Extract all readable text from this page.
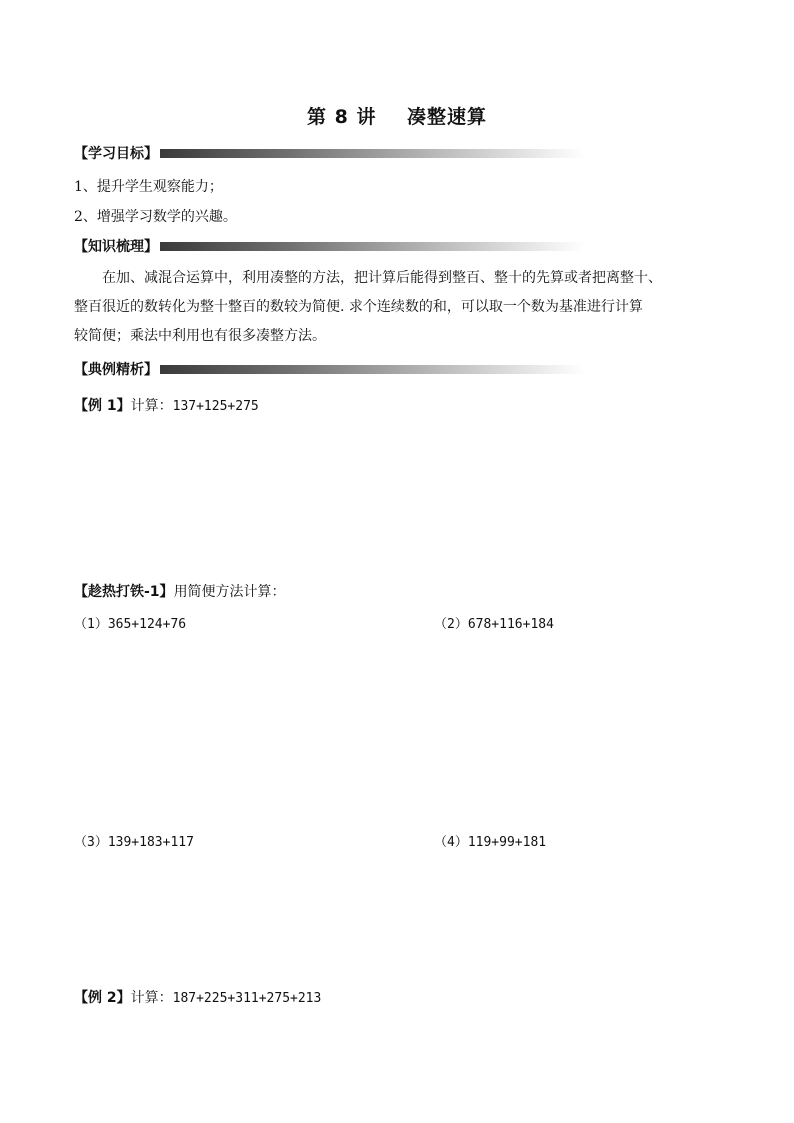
第 8 讲    凑整速算
【学习目标】
1、提升学生观察能力；
2、增强学习数学的兴趣。
【知识梳理】
在加、减混合运算中，利用凑整的方法，把计算后能得到整百、整十的先算或者把离整十、
整百很近的数转化为整十整百的数较为简便. 求个连续数的和，可以取一个数为基准进行计算
较简便；乘法中利用也有很多凑整方法。
【典例精析】
【例 1】计算：137+125+275
【趁热打铁-1】用简便方法计算：
（1）365+124+76	（2）678+116+184
（3）139+183+117	（4）119+99+181
【例 2】计算：187+225+311+275+213
